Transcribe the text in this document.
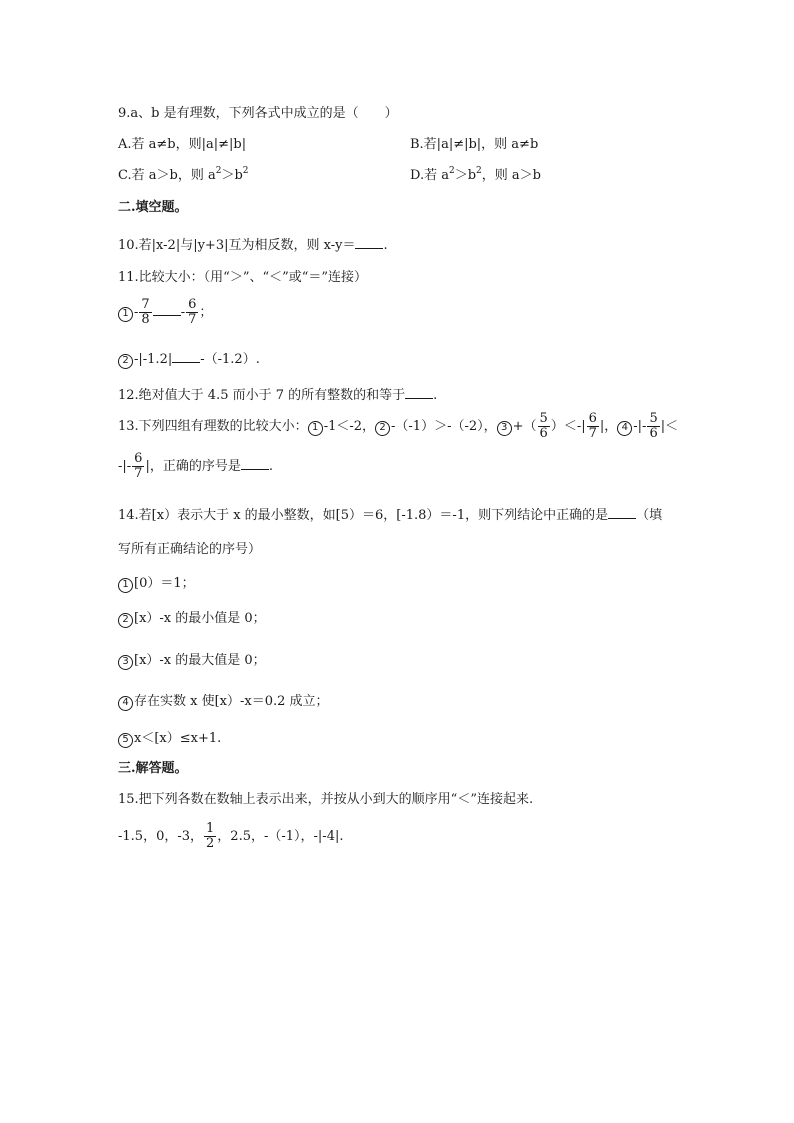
9.a、b 是有理数，下列各式中成立的是（　　）
A.若 a≠b，则|a|≠|b|	B.若|a|≠|b|，则 a≠b
C.若 a＞b，则 $a^2>b^2$	D.若 $a^2>b^2$，则 a＞b
二.填空题。
10.若|x-2|与|y+3|互为相反数，则 x-y＝ .
11.比较大小：（用“＞”、“＜”或“＝”连接）
$1 - \frac{7}{8} - \frac{6}{7}$ ；
2 -|-1.2| -（-1.2）.
12.绝对值大于 4.5 而小于 7 的所有整数的和等于 .
13.下列四组有理数的比较大小： 1 -1＜-2， 2 -（-1）＞-（-2）， 3 +（ $\frac{5}{6}$ ）＜-| $\frac{6}{7}$ |， 4 -|- $\frac{5}{6}$ |＜
-|- $\frac{6}{7}$ |，正确的序号是 .
14.若[x）表示大于 x 的最小整数，如[5）＝6，[-1.8）＝-1，则下列结论中正确的是 （填
写所有正确结论的序号）
1 [0）＝1；
2 [x）-x 的最小值是 0；
3 [x）-x 的最大值是 0；
4 存在实数 x 使[x）-x＝0.2 成立；
5 x＜[x）≤x+1.
三.解答题。
15.把下列各数在数轴上表示出来，并按从小到大的顺序用“＜”连接起来.
-1.5，0，-3， $\frac{1}{2}$ ，2.5，-（-1），-|-4|.
